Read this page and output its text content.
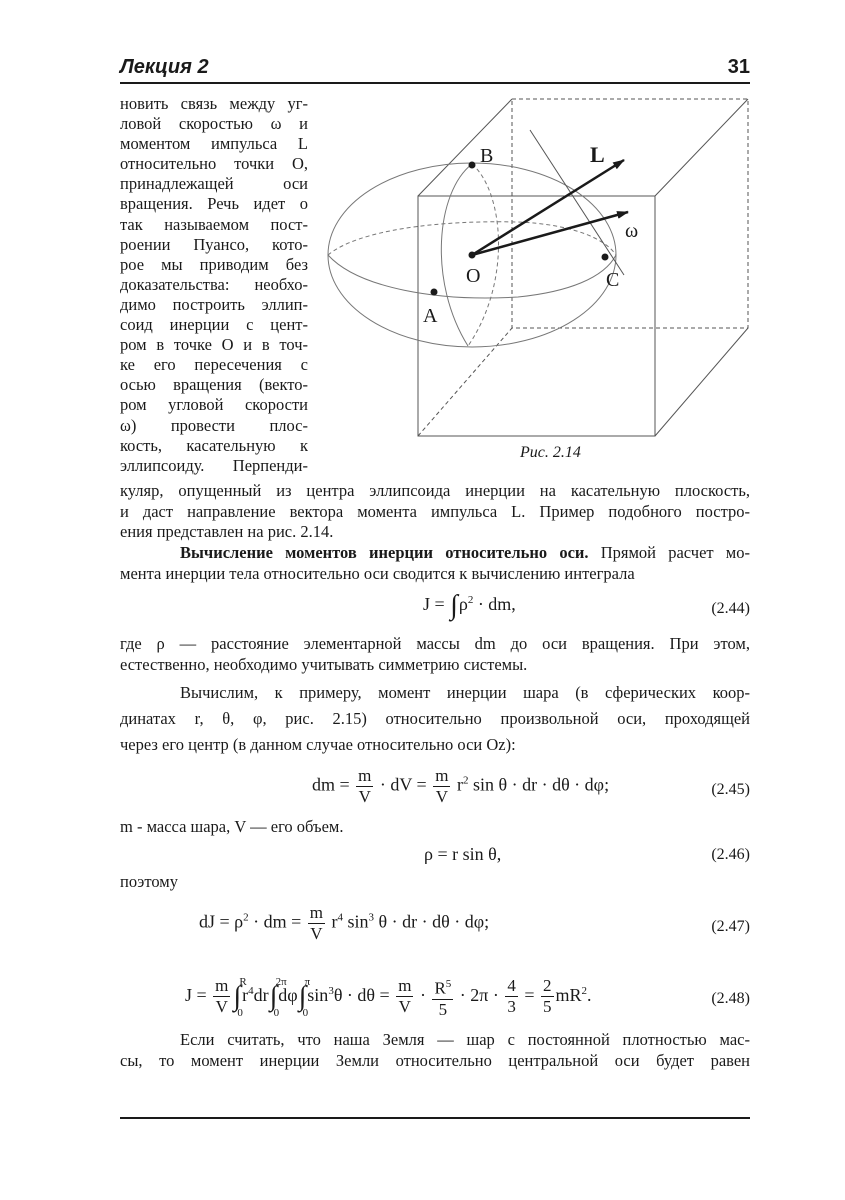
Лекция 2	31
новить связь между уг-
ловой скоростью ω и
моментом импульса L
относительно точки О,
принадлежащей оси
вращения. Речь идет о
так называемом пост-
роении Пуансо, кото-
рое мы приводим без
доказательства: необхо-
димо построить эллип-
соид инерции с цент-
ром в точке О и в точ-
ке его пересечения с
осью вращения (векто-
ром угловой скорости
ω) провести плос-
кость, касательную к
эллипсоиду. Перпенди-
B	L
ω
O	C
A
Рис. 2.14
куляр, опущенный из центра эллипсоида инерции на касательную плоскость,
и даст направление вектора момента импульса L. Пример подобного постро-
ения представлен на рис. 2.14.
Вычисление моментов инерции относительно оси. Прямой расчет мо-
мента инерции тела относительно оси сводится к вычислению интеграла
$J = \int\rho^2$ · dm,	(2.44)
где ρ — расстояние элементарной массы dm до оси вращения. При этом,
естественно, необходимо учитывать симметрию системы.
Вычислим, к примеру, момент инерции шара (в сферических коор-
динатах r, θ, φ, рис. 2.15) относительно произвольной оси, проходящей
через его центр (в данном случае относительно оси Oz):
dm = $\frac{m}{V}$ · dV = $\frac{m}{V} r^2$ sin θ · dr · dθ · dφ;	(2.45)
m - масса шара, V — его объем.
ρ = r sin θ,	(2.46)
поэтому
dJ = $\rho^2$ · dm = $\frac{m}{V} r^4$ $\sin^3 \theta$ · dr · dθ · dφ;	(2.47)
$J = \frac{m}{V}$ ∫
R
0
$r^4dr\int$
2π
0
dφ∫
π
0
$\sin^3\theta \cdot d\theta = \frac{m}{V} \cdot \frac{R^5}{5} \cdot 2\pi \cdot \frac{4}{3} = \frac{2}{5} mR^2$.	(2.48)
Если считать, что наша Земля — шар с постоянной плотностью мас-
сы, то момент инерции Земли относительно центральной оси будет равен
